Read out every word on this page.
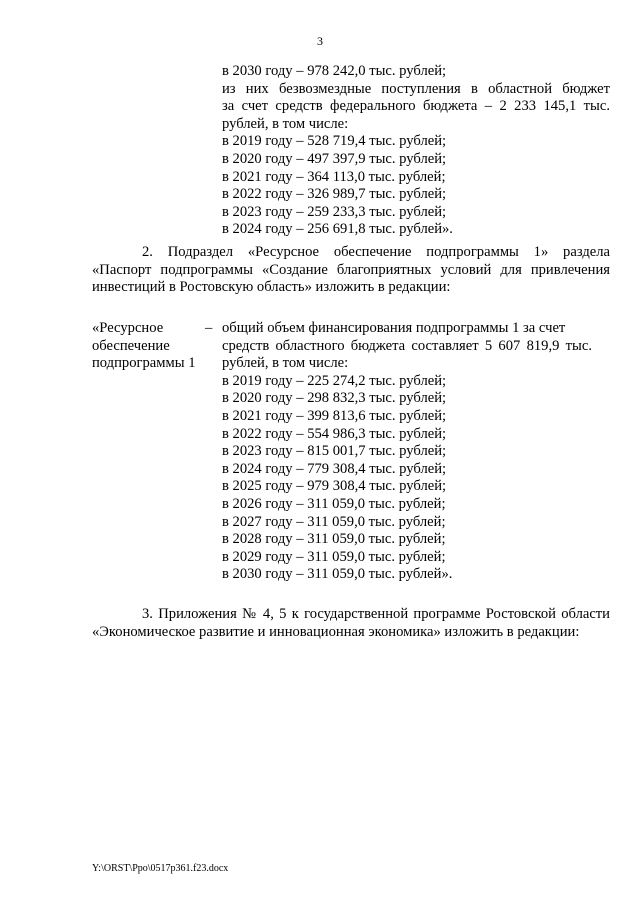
3
в 2030 году – 978 242,0 тыс. рублей;
из них безвозмездные поступления в областной бюджет
за счет средств федерального бюджета – 2 233 145,1 тыс.
рублей, в том числе:
в 2019 году – 528 719,4 тыс. рублей;
в 2020 году – 497 397,9 тыс. рублей;
в 2021 году – 364 113,0 тыс. рублей;
в 2022 году – 326 989,7 тыс. рублей;
в 2023 году – 259 233,3 тыс. рублей;
в 2024 году – 256 691,8 тыс. рублей».
2. Подраздел «Ресурсное обеспечение подпрограммы 1» раздела
«Паспорт подпрограммы «Создание благоприятных условий для привлечения
инвестиций в Ростовскую область» изложить в редакции:
«Ресурсное
обеспечение
подпрограммы 1
– общий объем финансирования подпрограммы 1 за счет
средств областного бюджета составляет 5 607 819,9 тыс.
рублей, в том числе:
в 2019 году – 225 274,2 тыс. рублей;
в 2020 году – 298 832,3 тыс. рублей;
в 2021 году – 399 813,6 тыс. рублей;
в 2022 году – 554 986,3 тыс. рублей;
в 2023 году – 815 001,7 тыс. рублей;
в 2024 году – 779 308,4 тыс. рублей;
в 2025 году – 979 308,4 тыс. рублей;
в 2026 году – 311 059,0 тыс. рублей;
в 2027 году – 311 059,0 тыс. рублей;
в 2028 году – 311 059,0 тыс. рублей;
в 2029 году – 311 059,0 тыс. рублей;
в 2030 году – 311 059,0 тыс. рублей».
3. Приложения № 4, 5 к государственной программе Ростовской области
«Экономическое развитие и инновационная экономика» изложить в редакции:
Y:\ORST\Ppo\0517p361.f23.docx
